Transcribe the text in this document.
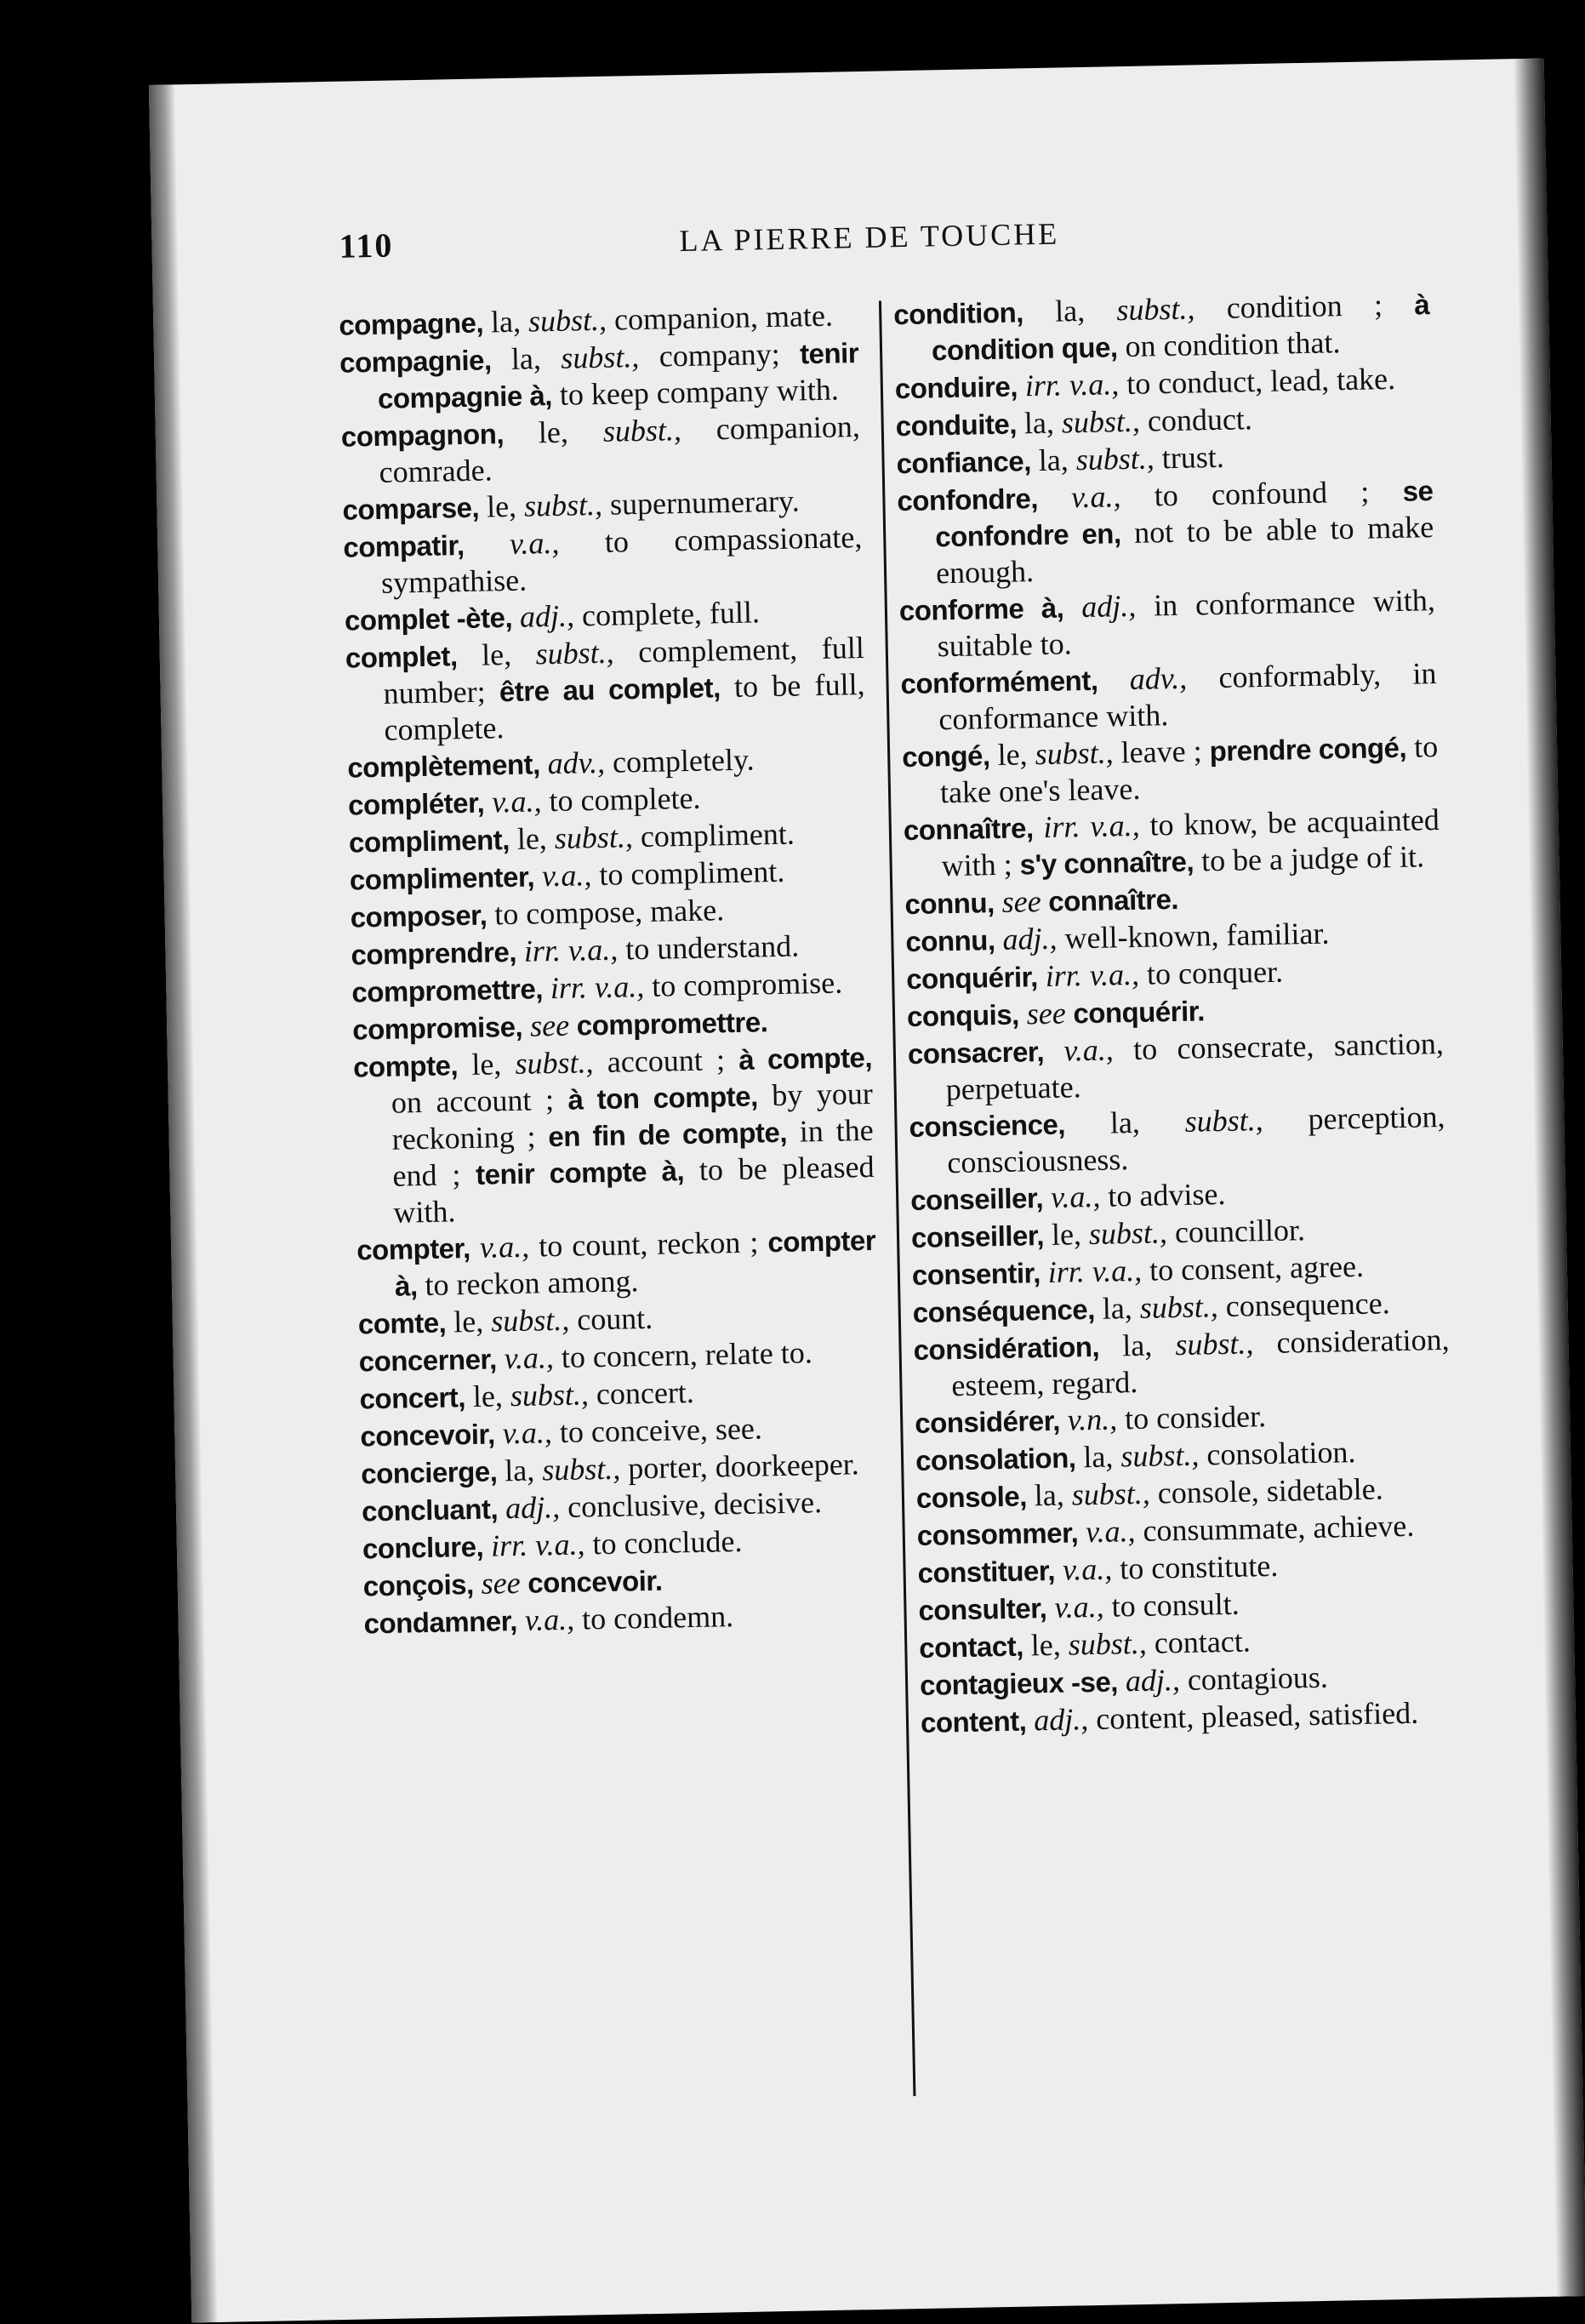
110	LA PIERRE DE TOUCHE
compagne, la, subst., companion, mate.
compagnie, la, subst., company; tenir compagnie à, to keep company with.
compagnon, le, subst., companion, comrade.
comparse, le, subst., supernumerary.
compatir, v.a., to compassionate, sympathise.
complet -ète, adj., complete, full.
complet, le, subst., complement, full number; être au complet, to be full, complete.
complètement, adv., completely.
compléter, v.a., to complete.
compliment, le, subst., compliment.
complimenter, v.a., to compliment.
composer, to compose, make.
comprendre, irr. v.a., to understand.
compromettre, irr. v.a., to compromise.
compromise, see compromettre.
compte, le, subst., account ; à compte, on account ; à ton compte, by your reckoning ; en fin de compte, in the end ; tenir compte à, to be pleased with.
compter, v.a., to count, reckon ; compter à, to reckon among.
comte, le, subst., count.
concerner, v.a., to concern, relate to.
concert, le, subst., concert.
concevoir, v.a., to conceive, see.
concierge, la, subst., porter, doorkeeper.
concluant, adj., conclusive, decisive.
conclure, irr. v.a., to conclude.
conçois, see concevoir.
condamner, v.a., to condemn.
condition, la, subst., condition ; à condition que, on condition that.
conduire, irr. v.a., to conduct, lead, take.
conduite, la, subst., conduct.
confiance, la, subst., trust.
confondre, v.a., to confound ; se confondre en, not to be able to make enough.
conforme à, adj., in conformance with, suitable to.
conformément, adv., conformably, in conformance with.
congé, le, subst., leave ; prendre congé, to take one's leave.
connaître, irr. v.a., to know, be acquainted with ; s'y connaître, to be a judge of it.
connu, see connaître.
connu, adj., well-known, familiar.
conquérir, irr. v.a., to conquer.
conquis, see conquérir.
consacrer, v.a., to consecrate, sanction, perpetuate.
conscience, la, subst., perception, consciousness.
conseiller, v.a., to advise.
conseiller, le, subst., councillor.
consentir, irr. v.a., to consent, agree.
conséquence, la, subst., consequence.
considération, la, subst., consideration, esteem, regard.
considérer, v.n., to consider.
consolation, la, subst., consolation.
console, la, subst., console, sidetable.
consommer, v.a., consummate, achieve.
constituer, v.a., to constitute.
consulter, v.a., to consult.
contact, le, subst., contact.
contagieux -se, adj., contagious.
content, adj., content, pleased, satisfied.
